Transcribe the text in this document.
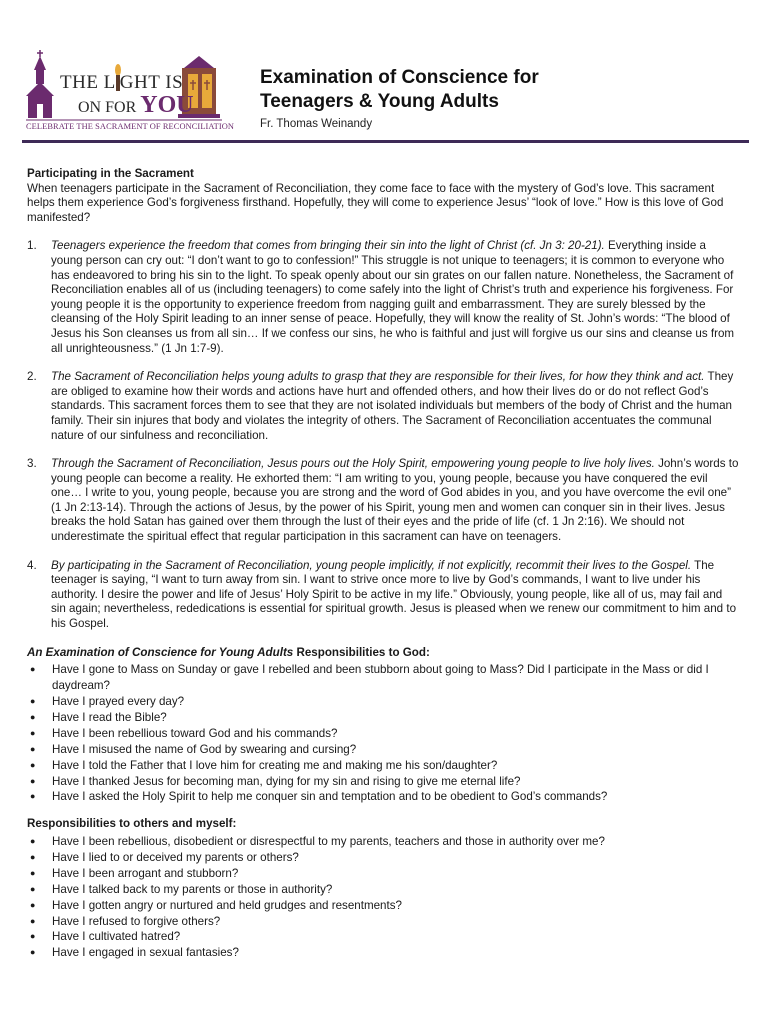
THE L GHT IS
ON FOR YOU
CELEBRATE THE SACRAMENT OF RECONCILIATION
Examination of Conscience for
Teenagers & Young Adults
Fr. Thomas Weinandy

Participating in the Sacrament

When teenagers participate in the Sacrament of Reconciliation, they come face to face with the mystery of God’s love. This sacrament helps them experience God’s forgiveness firsthand. Hopefully, they will come to experience Jesus’ “look of love.” How is this love of God manifested?

1.	Teenagers experience the freedom that comes from bringing their sin into the light of Christ (cf. Jn 3: 20-21). Everything inside a young person can cry out: “I don’t want to go to confession!” This struggle is not unique to teenagers; it is common to everyone who has endeavored to bring his sin to the light. To speak openly about our sin grates on our fallen nature. Nonetheless, the Sacrament of Reconciliation enables all of us (including teenagers) to come safely into the light of Christ’s truth and experience his forgiveness. For young people it is the opportunity to experience freedom from nagging guilt and embarrassment. They are surely blessed by the cleansing of the Holy Spirit leading to an inner sense of peace. Hopefully, they will know the reality of St. John’s words: “The blood of Jesus his Son cleanses us from all sin… If we confess our sins, he who is faithful and just will forgive us our sins and cleanse us from all unrighteousness.” (1 Jn 1:7-9).

2.	The Sacrament of Reconciliation helps young adults to grasp that they are responsible for their lives, for how they think and act. They are obliged to examine how their words and actions have hurt and offended others, and how their lives do or do not reflect God’s standards. This sacrament forces them to see that they are not isolated individuals but members of the body of Christ and the human family. Their sin injures that body and violates the integrity of others. The Sacrament of Reconciliation accentuates the communal nature of our sinfulness and reconciliation.

3.	Through the Sacrament of Reconciliation, Jesus pours out the Holy Spirit, empowering young people to live holy lives. John’s words to young people can become a reality. He exhorted them: “I am writing to you, young people, because you have conquered the evil one… I write to you, young people, because you are strong and the word of God abides in you, and you have overcome the evil one” (1 Jn 2:13-14). Through the actions of Jesus, by the power of his Spirit, young men and women can conquer sin in their lives. Jesus breaks the hold Satan has gained over them through the lust of their eyes and the pride of life (cf. 1 Jn 2:16). We should not underestimate the spiritual effect that regular participation in this sacrament can have on teenagers.

4.	By participating in the Sacrament of Reconciliation, young people implicitly, if not explicitly, recommit their lives to the Gospel. The teenager is saying, “I want to turn away from sin. I want to strive once more to live by God’s commands, I want to live under his authority. I desire the power and life of Jesus’ Holy Spirit to be active in my life.” Obviously, young people, like all of us, may fail and sin again; nevertheless, rededications is essential for spiritual growth. Jesus is pleased when we renew our commitment to him and to his Gospel.

An Examination of Conscience for Young Adults Responsibilities to God:

●	Have I gone to Mass on Sunday or gave I rebelled and been stubborn about going to Mass? Did I participate in the Mass or did I daydream?
●	Have I prayed every day?
●	Have I read the Bible?
●	Have I been rebellious toward God and his commands?
●	Have I misused the name of God by swearing and cursing?
●	Have I told the Father that I love him for creating me and making me his son/daughter?
●	Have I thanked Jesus for becoming man, dying for my sin and rising to give me eternal life?
●	Have I asked the Holy Spirit to help me conquer sin and temptation and to be obedient to God’s commands?

Responsibilities to others and myself:

●	Have I been rebellious, disobedient or disrespectful to my parents, teachers and those in authority over me?
●	Have I lied to or deceived my parents or others?
●	Have I been arrogant and stubborn?
●	Have I talked back to my parents or those in authority?
●	Have I gotten angry or nurtured and held grudges and resentments?
●	Have I refused to forgive others?
●	Have I cultivated hatred?
●	Have I engaged in sexual fantasies?
